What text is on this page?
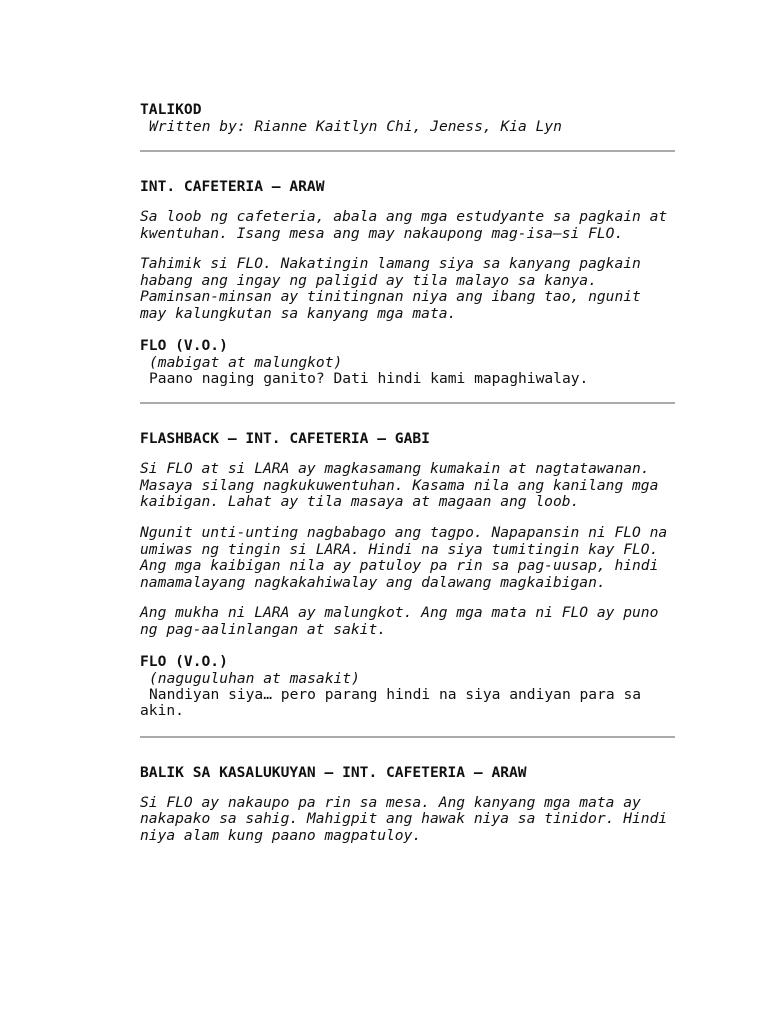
TALIKOD

Written by: Rianne Kaitlyn Chi, Jeness, Kia Lyn

INT. CAFETERIA – ARAW

Sa loob ng cafeteria, abala ang mga estudyante sa pagkain at kwentuhan. Isang mesa ang may nakaupong mag-isa—si FLO.

Tahimik si FLO. Nakatingin lamang siya sa kanyang pagkain habang ang ingay ng paligid ay tila malayo sa kanya. Paminsan-minsan ay tinitingnan niya ang ibang tao, ngunit may kalungkutan sa kanyang mga mata.

FLO (V.O.)

(mabigat at malungkot)

Paano naging ganito? Dati hindi kami mapaghiwalay.

FLASHBACK – INT. CAFETERIA – GABI

Si FLO at si LARA ay magkasamang kumakain at nagtatawanan. Masaya silang nagkukuwentuhan. Kasama nila ang kanilang mga kaibigan. Lahat ay tila masaya at magaan ang loob.

Ngunit unti-unting nagbabago ang tagpo. Napapansin ni FLO na umiwas ng tingin si LARA. Hindi na siya tumitingin kay FLO. Ang mga kaibigan nila ay patuloy pa rin sa pag-uusap, hindi namamalayang nagkakahiwalay ang dalawang magkaibigan.

Ang mukha ni LARA ay malungkot. Ang mga mata ni FLO ay puno ng pag-aalinlangan at sakit.

FLO (V.O.)

(naguguluhan at masakit)

Nandiyan siya… pero parang hindi na siya andiyan para sa akin.

BALIK SA KASALUKUYAN – INT. CAFETERIA – ARAW

Si FLO ay nakaupo pa rin sa mesa. Ang kanyang mga mata ay nakapako sa sahig. Mahigpit ang hawak niya sa tinidor. Hindi niya alam kung paano magpatuloy.
